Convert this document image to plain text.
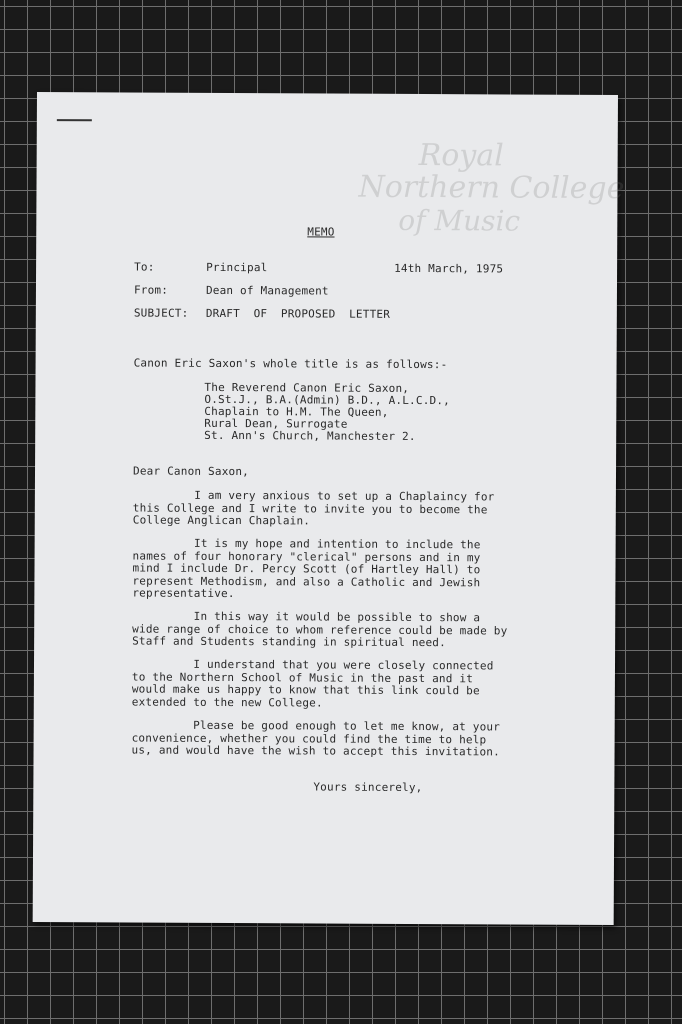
Royal
Northern College
of Music
MEMO
To:	Principal	14th March, 1975
From:	Dean of Management
SUBJECT: DRAFT  OF  PROPOSED  LETTER
Canon Eric Saxon's whole title is as follows:-
The Reverend Canon Eric Saxon,
O.St.J., B.A.(Admin) B.D., A.L.C.D.,
Chaplain to H.M. The Queen,
Rural Dean, Surrogate
St. Ann's Church, Manchester 2.
Dear Canon Saxon,
I am very anxious to set up a Chaplaincy for
this College and I write to invite you to become the
College Anglican Chaplain.
It is my hope and intention to include the
names of four honorary "clerical" persons and in my
mind I include Dr. Percy Scott (of Hartley Hall) to
represent Methodism, and also a Catholic and Jewish
representative.
In this way it would be possible to show a
wide range of choice to whom reference could be made by
Staff and Students standing in spiritual need.
I understand that you were closely connected
to the Northern School of Music in the past and it
would make us happy to know that this link could be
extended to the new College.
Please be good enough to let me know, at your
convenience, whether you could find the time to help
us, and would have the wish to accept this invitation.
Yours sincerely,
